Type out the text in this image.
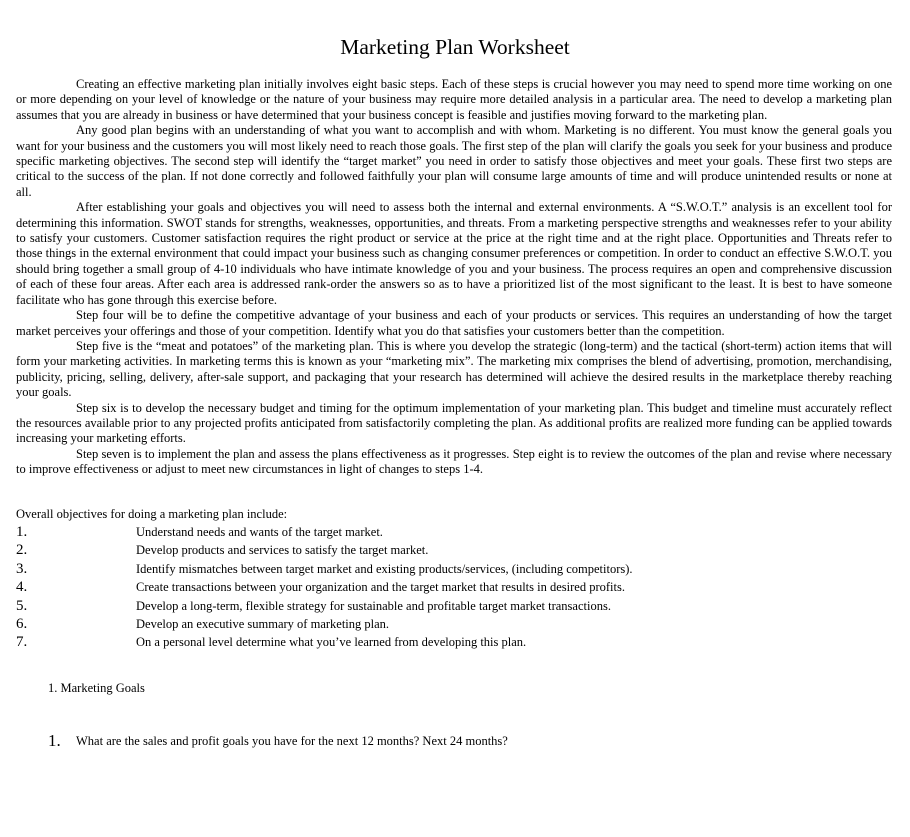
Marketing Plan Worksheet

Creating an effective marketing plan initially involves eight basic steps. Each of these steps is crucial however you may need to spend more time working on one or more depending on your level of knowledge or the nature of your business may require more detailed analysis in a particular area. The need to develop a marketing plan assumes that you are already in business or have determined that your business concept is feasible and justifies moving forward to the marketing plan.

Any good plan begins with an understanding of what you want to accomplish and with whom. Marketing is no different. You must know the general goals you want for your business and the customers you will most likely need to reach those goals. The first step of the plan will clarify the goals you seek for your business and produce specific marketing objectives. The second step will identify the “target market” you need in order to satisfy those objectives and meet your goals. These first two steps are critical to the success of the plan. If not done correctly and followed faithfully your plan will consume large amounts of time and will produce unintended results or none at all.

After establishing your goals and objectives you will need to assess both the internal and external environments. A “S.W.O.T.” analysis is an excellent tool for determining this information. SWOT stands for strengths, weaknesses, opportunities, and threats. From a marketing perspective strengths and weaknesses refer to your ability to satisfy your customers. Customer satisfaction requires the right product or service at the price at the right time and at the right place. Opportunities and Threats refer to those things in the external environment that could impact your business such as changing consumer preferences or competition. In order to conduct an effective S.W.O.T. you should bring together a small group of 4-10 individuals who have intimate knowledge of you and your business. The process requires an open and comprehensive discussion of each of these four areas. After each area is addressed rank-order the answers so as to have a prioritized list of the most significant to the least. It is best to have someone facilitate who has gone through this exercise before.

Step four will be to define the competitive advantage of your business and each of your products or services. This requires an understanding of how the target market perceives your offerings and those of your competition. Identify what you do that satisfies your customers better than the competition.

Step five is the “meat and potatoes” of the marketing plan. This is where you develop the strategic (long-term) and the tactical (short-term) action items that will form your marketing activities. In marketing terms this is known as your “marketing mix”. The marketing mix comprises the blend of advertising, promotion, merchandising, publicity, pricing, selling, delivery, after-sale support, and packaging that your research has determined will achieve the desired results in the marketplace thereby reaching your goals.

Step six is to develop the necessary budget and timing for the optimum implementation of your marketing plan. This budget and timeline must accurately reflect the resources available prior to any projected profits anticipated from satisfactorily completing the plan. As additional profits are realized more funding can be applied towards increasing your marketing efforts.

Step seven is to implement the plan and assess the plans effectiveness as it progresses. Step eight is to review the outcomes of the plan and revise where necessary to improve effectiveness or adjust to meet new circumstances in light of changes to steps 1-4.

Overall objectives for doing a marketing plan include:
1.	Understand needs and wants of the target market.
2.	Develop products and services to satisfy the target market.
3.	Identify mismatches between target market and existing products/services, (including competitors).
4.	Create transactions between your organization and the target market that results in desired profits.
5.	Develop a long-term, flexible strategy for sustainable and profitable target market transactions.
6.	Develop an executive summary of marketing plan.
7.	On a personal level determine what you’ve learned from developing this plan.
1. Marketing Goals
1. What are the sales and profit goals you have for the next 12 months? Next 24 months?
